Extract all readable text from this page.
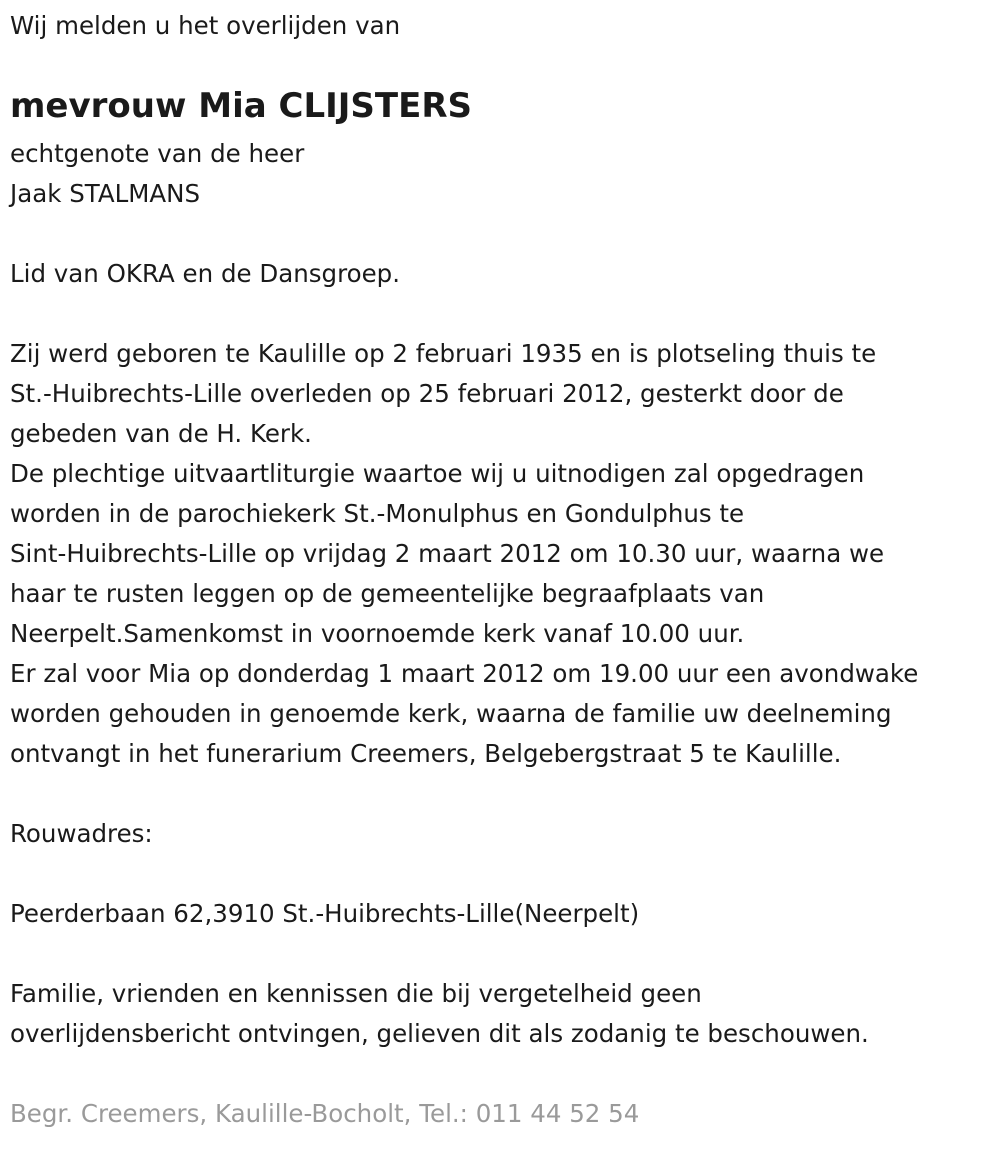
Wij melden u het overlijden van

mevrouw Mia CLIJSTERS

echtgenote van de heer

Jaak STALMANS

Lid van OKRA en de Dansgroep.

Zij werd geboren te Kaulille op 2 februari 1935 en is plotseling thuis te

St.-Huibrechts-Lille overleden op 25 februari 2012, gesterkt door de

gebeden van de H. Kerk.

De plechtige uitvaartliturgie waartoe wij u uitnodigen zal opgedragen

worden in de parochiekerk St.-Monulphus en Gondulphus te

Sint-Huibrechts-Lille op vrijdag 2 maart 2012 om 10.30 uur, waarna we

haar te rusten leggen op de gemeentelijke begraafplaats van

Neerpelt.Samenkomst in voornoemde kerk vanaf 10.00 uur.

Er zal voor Mia op donderdag 1 maart 2012 om 19.00 uur een avondwake

worden gehouden in genoemde kerk, waarna de familie uw deelneming

ontvangt in het funerarium Creemers, Belgebergstraat 5 te Kaulille.

Rouwadres:

Peerderbaan 62,3910 St.-Huibrechts-Lille(Neerpelt)

Familie, vrienden en kennissen die bij vergetelheid geen

overlijdensbericht ontvingen, gelieven dit als zodanig te beschouwen.

Begr. Creemers, Kaulille-Bocholt, Tel.: 011 44 52 54
